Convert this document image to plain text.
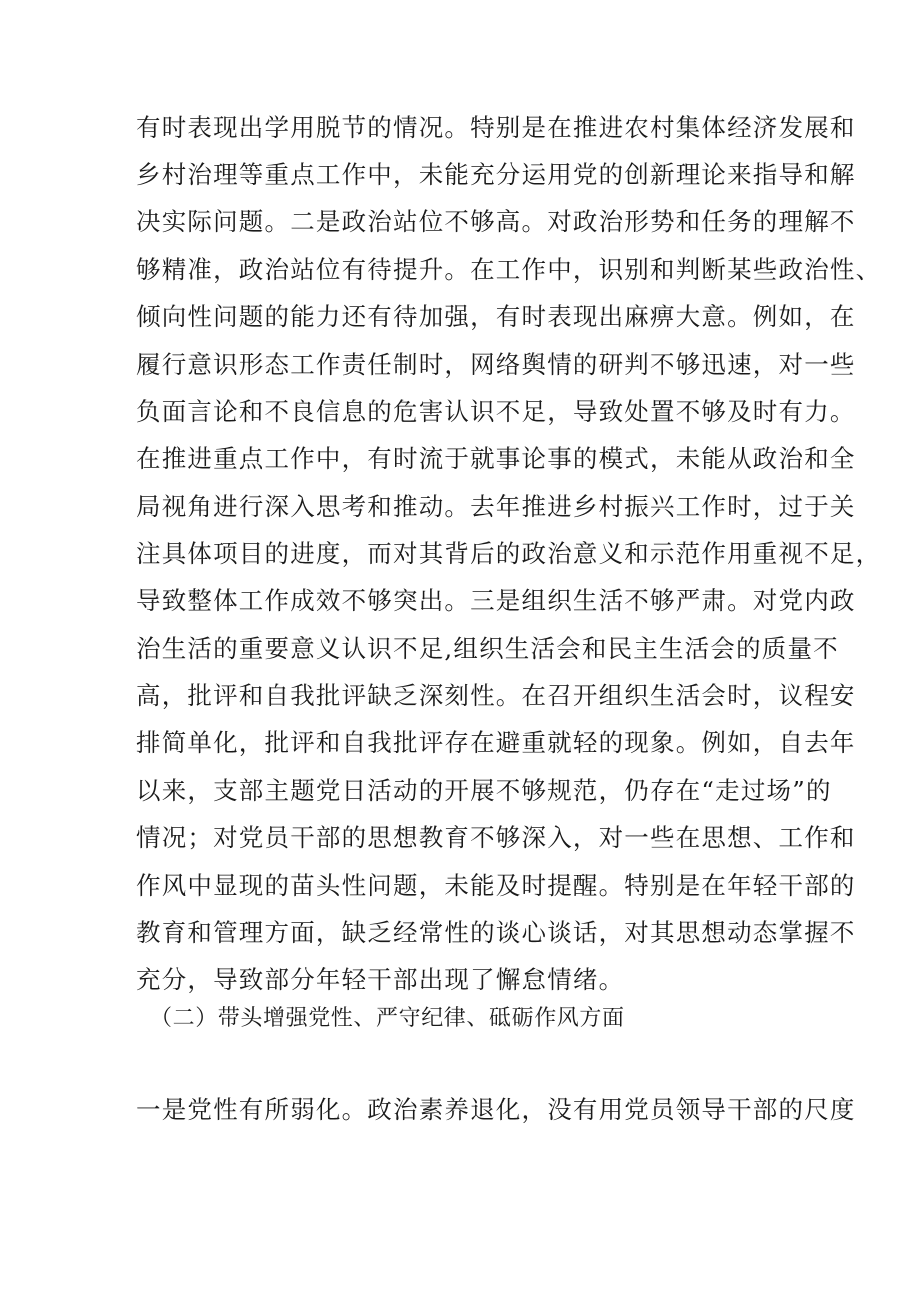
有时表现出学用脱节的情况。特别是在推进农村集体经济发展和
乡村治理等重点工作中，未能充分运用党的创新理论来指导和解
决实际问题。二是政治站位不够高。对政治形势和任务的理解不
够精准，政治站位有待提升。在工作中，识别和判断某些政治性、
倾向性问题的能力还有待加强，有时表现出麻痹大意。例如，在
履行意识形态工作责任制时，网络舆情的研判不够迅速，对一些
负面言论和不良信息的危害认识不足，导致处置不够及时有力。
在推进重点工作中，有时流于就事论事的模式，未能从政治和全
局视角进行深入思考和推动。去年推进乡村振兴工作时，过于关
注具体项目的进度，而对其背后的政治意义和示范作用重视不足，
导致整体工作成效不够突出。三是组织生活不够严肃。对党内政
治生活的重要意义认识不足,组织生活会和民主生活会的质量不
高，批评和自我批评缺乏深刻性。在召开组织生活会时，议程安
排简单化，批评和自我批评存在避重就轻的现象。例如，自去年
以来，支部主题党日活动的开展不够规范，仍存在“走过场”的
情况；对党员干部的思想教育不够深入，对一些在思想、工作和
作风中显现的苗头性问题，未能及时提醒。特别是在年轻干部的
教育和管理方面，缺乏经常性的谈心谈话，对其思想动态掌握不
充分，导致部分年轻干部出现了懈怠情绪。
（二）带头增强党性、严守纪律、砥砺作风方面
一是党性有所弱化。政治素养退化，没有用党员领导干部的尺度
